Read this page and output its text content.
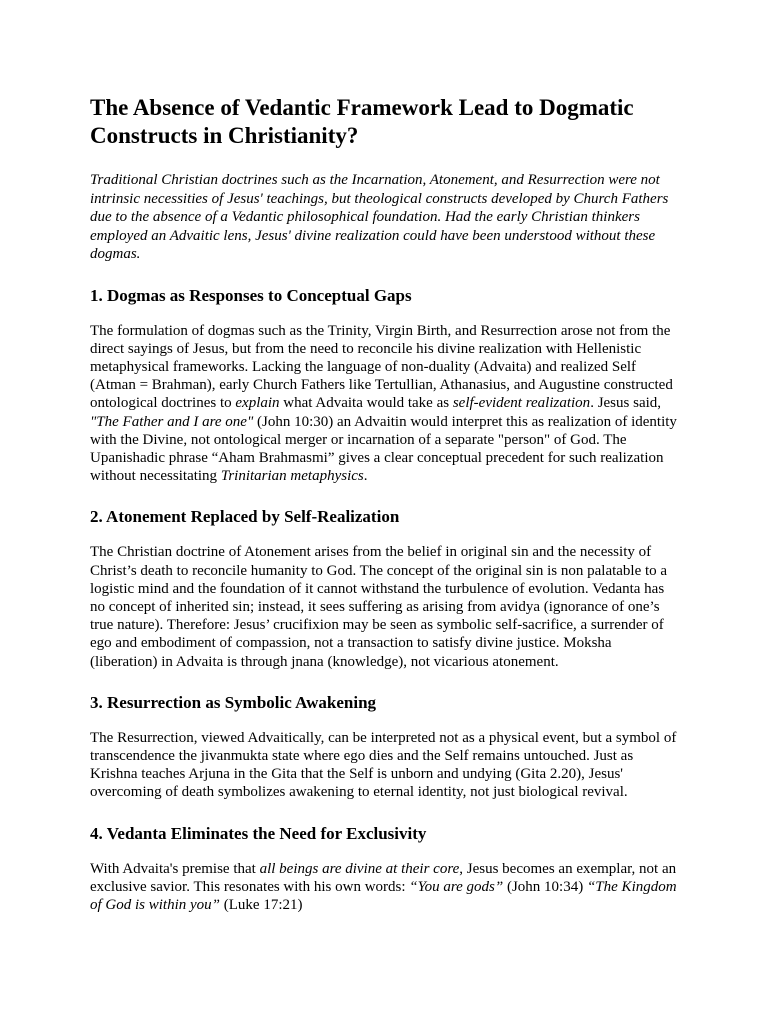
The Absence of Vedantic Framework Lead to Dogmatic Constructs in Christianity?

Traditional Christian doctrines such as the Incarnation, Atonement, and Resurrection were not intrinsic necessities of Jesus' teachings, but theological constructs developed by Church Fathers due to the absence of a Vedantic philosophical foundation. Had the early Christian thinkers employed an Advaitic lens, Jesus' divine realization could have been understood without these dogmas.

1. Dogmas as Responses to Conceptual Gaps

The formulation of dogmas such as the Trinity, Virgin Birth, and Resurrection arose not from the direct sayings of Jesus, but from the need to reconcile his divine realization with Hellenistic metaphysical frameworks. Lacking the language of non-duality (Advaita) and realized Self (Atman = Brahman), early Church Fathers like Tertullian, Athanasius, and Augustine constructed ontological doctrines to explain what Advaita would take as self-evident realization. Jesus said, "The Father and I are one" (John 10:30) an Advaitin would interpret this as realization of identity with the Divine, not ontological merger or incarnation of a separate "person" of God. The Upanishadic phrase “Aham Brahmasmi” gives a clear conceptual precedent for such realization without necessitating Trinitarian metaphysics.

2. Atonement Replaced by Self-Realization

The Christian doctrine of Atonement arises from the belief in original sin and the necessity of Christ’s death to reconcile humanity to God. The concept of the original sin is non palatable to a logistic mind and the foundation of it cannot withstand the turbulence of evolution. Vedanta has no concept of inherited sin; instead, it sees suffering as arising from avidya (ignorance of one’s true nature). Therefore: Jesus’ crucifixion may be seen as symbolic self-sacrifice, a surrender of ego and embodiment of compassion, not a transaction to satisfy divine justice. Moksha (liberation) in Advaita is through jnana (knowledge), not vicarious atonement.

3. Resurrection as Symbolic Awakening

The Resurrection, viewed Advaitically, can be interpreted not as a physical event, but a symbol of transcendence the jivanmukta state where ego dies and the Self remains untouched. Just as Krishna teaches Arjuna in the Gita that the Self is unborn and undying (Gita 2.20), Jesus' overcoming of death symbolizes awakening to eternal identity, not just biological revival.

4. Vedanta Eliminates the Need for Exclusivity

With Advaita's premise that all beings are divine at their core, Jesus becomes an exemplar, not an exclusive savior. This resonates with his own words: “You are gods” (John 10:34) “The Kingdom of God is within you” (Luke 17:21)
